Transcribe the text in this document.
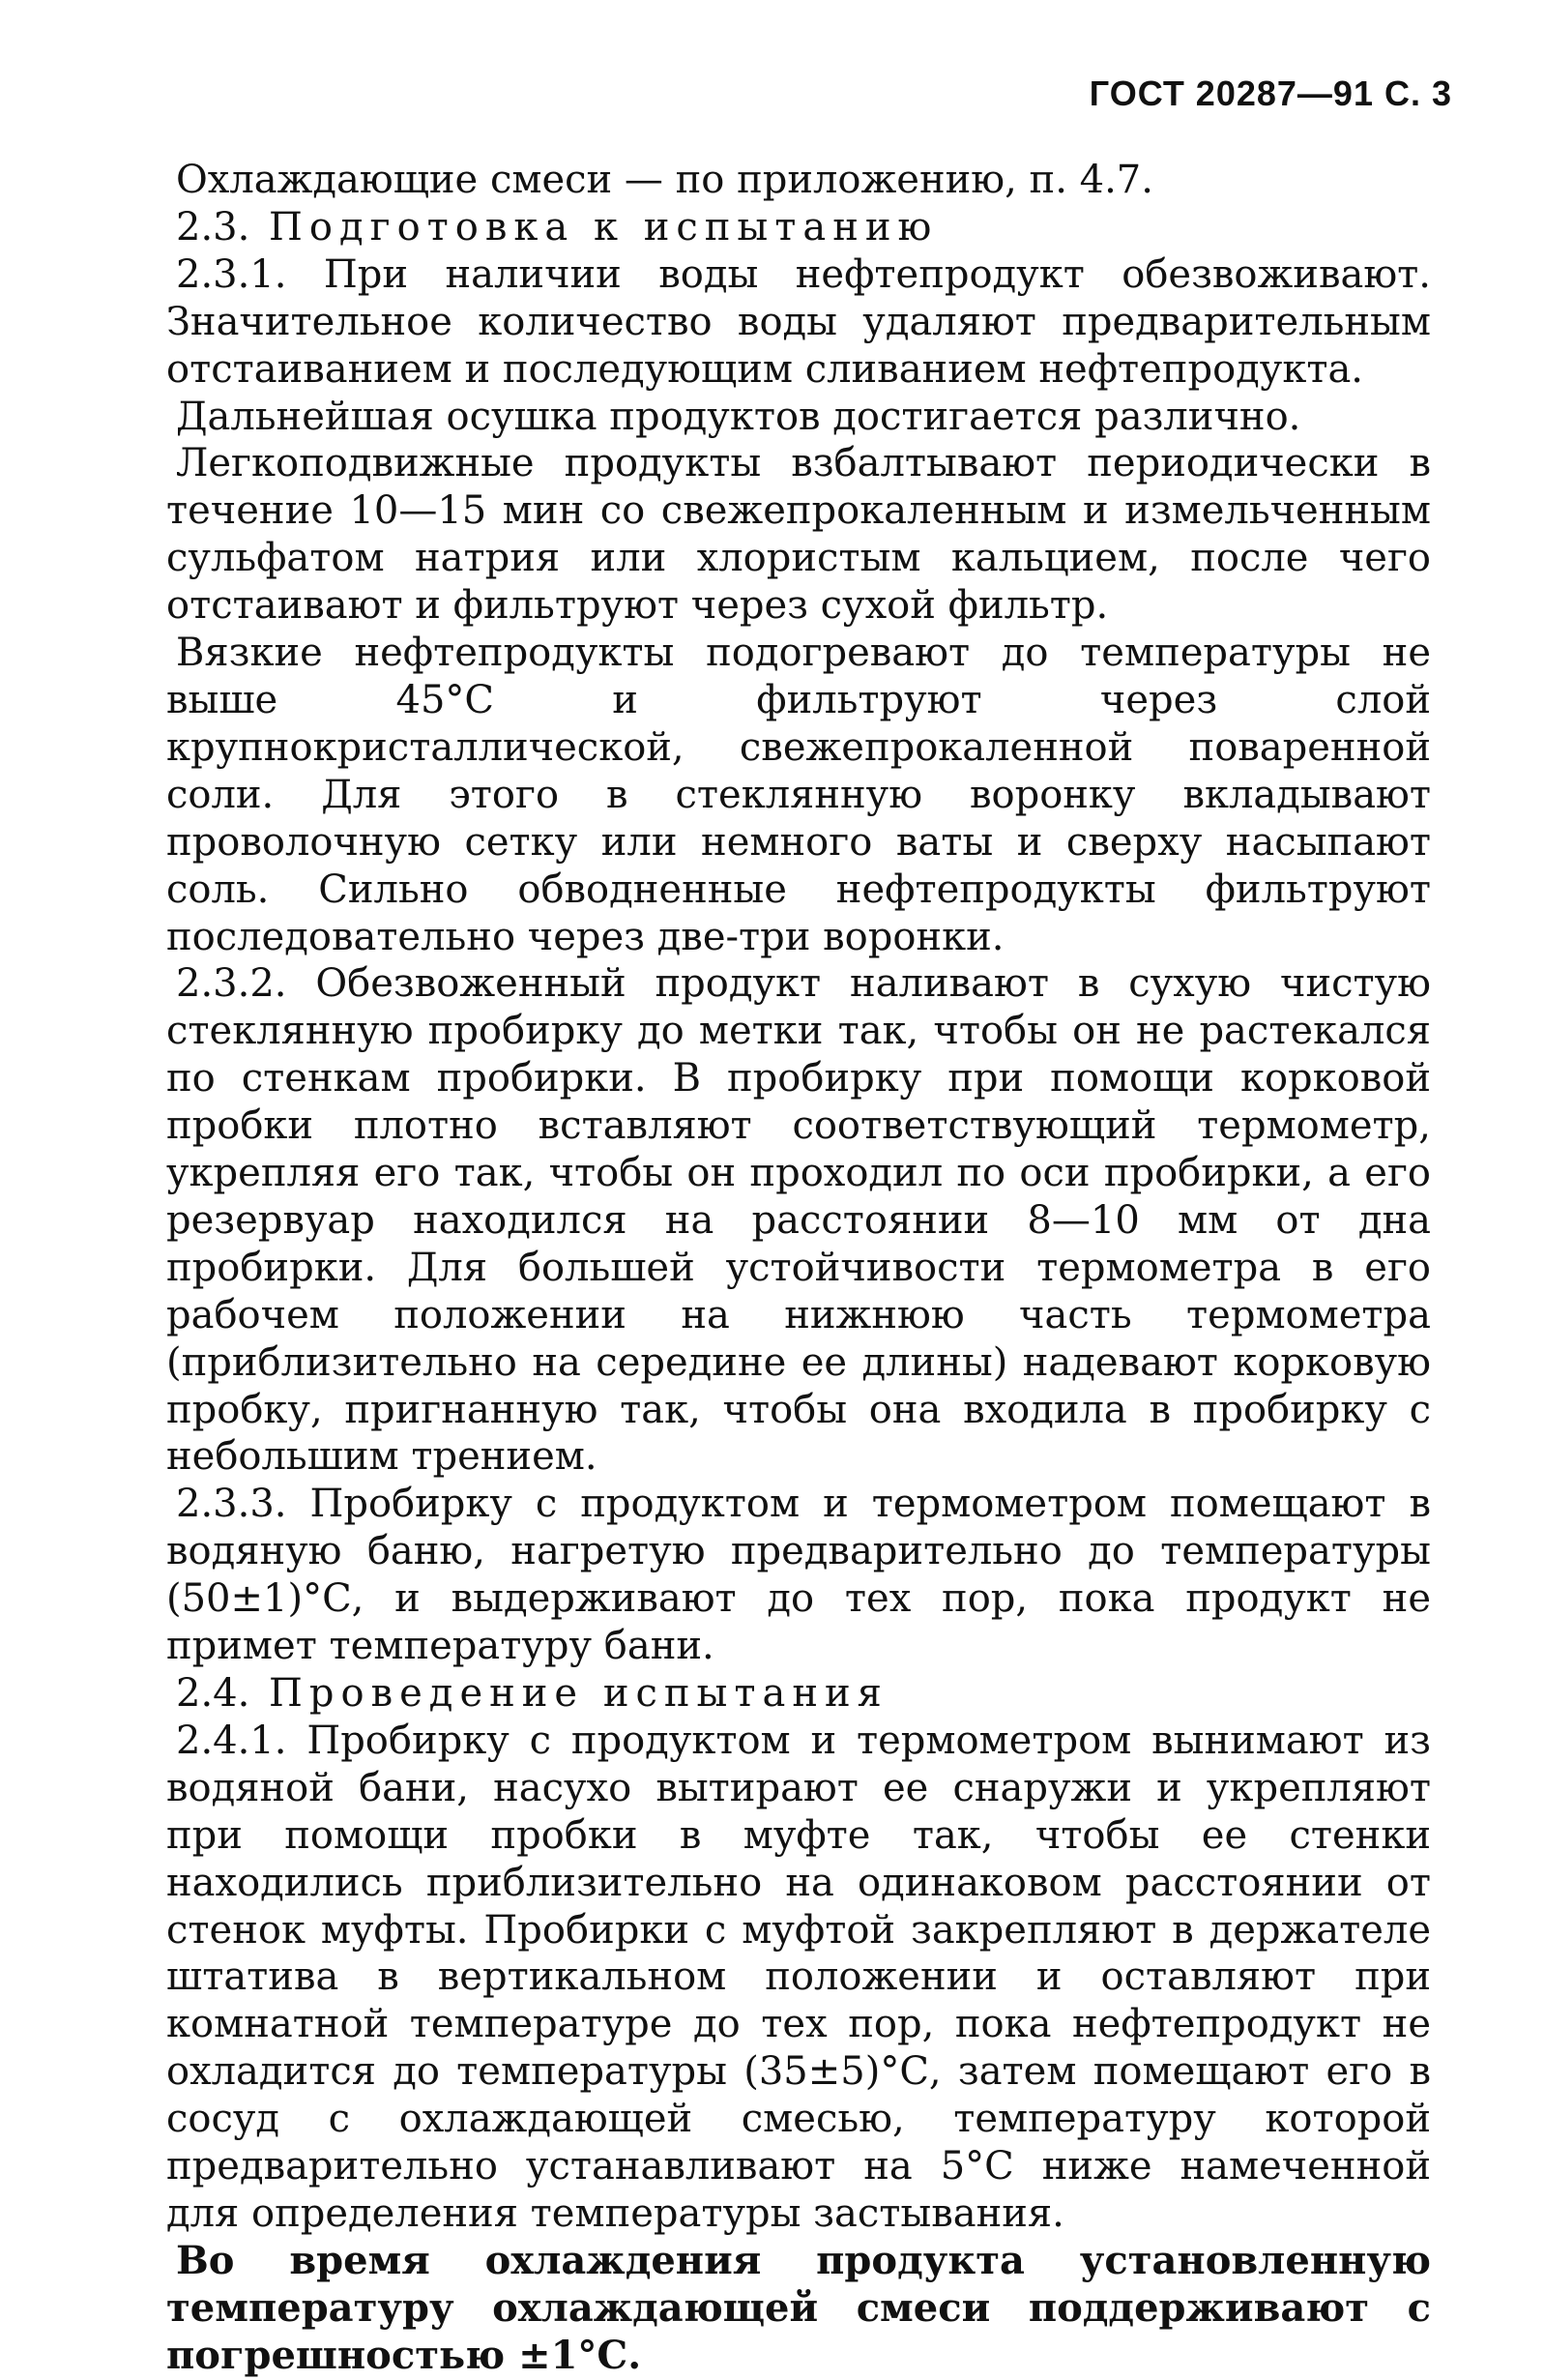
ГОСТ 20287—91 С. 3

Охлаждающие смеси — по приложению, п. 4.7.

2.3. Подготовка к испытанию

2.3.1. При наличии воды нефтепродукт обезвоживают. Значительное количество воды удаляют предварительным отстаиванием и последующим сливанием нефтепродукта.

Дальнейшая осушка продуктов достигается различно.

Легкоподвижные продукты взбалтывают периодически в течение 10—15 мин со свежепрокаленным и измельченным сульфатом натрия или хлористым кальцием, после чего отстаивают и фильтруют через сухой фильтр.

Вязкие нефтепродукты подогревают до температуры не выше 45°С и фильтруют через слой крупнокристаллической, свежепрокаленной поваренной соли. Для этого в стеклянную воронку вкладывают проволочную сетку или немного ваты и сверху насыпают соль. Сильно обводненные нефтепродукты фильтруют последовательно через две-три воронки.

2.3.2. Обезвоженный продукт наливают в сухую чистую стеклянную пробирку до метки так, чтобы он не растекался по стенкам пробирки. В пробирку при помощи корковой пробки плотно вставляют соответствующий термометр, укрепляя его так, чтобы он проходил по оси пробирки, а его резервуар находился на расстоянии 8—10 мм от дна пробирки. Для большей устойчивости термометра в его рабочем положении на нижнюю часть термометра (приблизительно на середине ее длины) надевают корковую пробку, пригнанную так, чтобы она входила в пробирку с небольшим трением.

2.3.3. Пробирку с продуктом и термометром помещают в водяную баню, нагретую предварительно до температуры (50±1)°С, и выдерживают до тех пор, пока продукт не примет температуру бани.

2.4. Проведение испытания

2.4.1. Пробирку с продуктом и термометром вынимают из водяной бани, насухо вытирают ее снаружи и укрепляют при помощи пробки в муфте так, чтобы ее стенки находились приблизительно на одинаковом расстоянии от стенок муфты. Пробирки с муфтой закрепляют в держателе штатива в вертикальном положении и оставляют при комнатной температуре до тех пор, пока нефтепродукт не охладится до температуры (35±5)°С, затем помещают его в сосуд с охлаждающей смесью, температуру которой предварительно устанавливают на 5°С ниже намеченной для определения температуры застывания.

Во время охлаждения продукта установленную температуру охлаждающей смеси поддерживают с погрешностью ±1°С.
